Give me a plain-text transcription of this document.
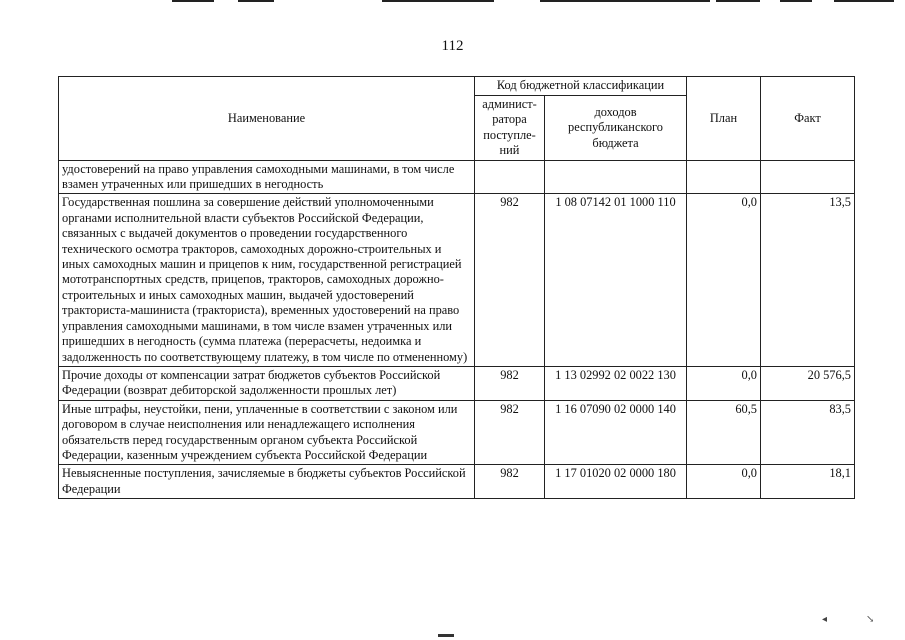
112
Наименование	Код бюджетной классификации		План	Факт
	админист-ратора поступле-ний	доходов республиканского бюджета		
удостоверений на право управления самоходными машинами, в том числе взамен утраченных или пришедших в негодность				
Государственная пошлина за совершение действий уполномоченными органами исполнительной власти субъектов Российской Федерации, связанных с выдачей документов о проведении государственного технического осмотра тракторов, самоходных дорожно-строительных и иных самоходных машин и прицепов к ним, государственной регистрацией мототранспортных средств, прицепов, тракторов, самоходных дорожно-строительных и иных самоходных машин, выдачей удостоверений тракториста-машиниста (тракториста), временных удостоверений на право управления самоходными машинами, в том числе взамен утраченных или пришедших в негодность (сумма платежа (перерасчеты, недоимка и задолженность по соответствующему платежу, в том числе по отмененному)	982	1 08 07142 01 1000 110	0,0	13,5
Прочие доходы от компенсации затрат бюджетов субъектов Российской Федерации (возврат дебиторской задолженности прошлых лет)	982	1 13 02992 02 0022 130	0,0	20 576,5
Иные штрафы, неустойки, пени, уплаченные в соответствии с законом или договором в случае неисполнения или ненадлежащего исполнения обязательств перед государственным органом субъекта Российской Федерации, казенным учреждением субъекта Российской Федерации	982	1 16 07090 02 0000 140	60,5	83,5
Невыясненные поступления, зачисляемые в бюджеты субъектов Российской Федерации	982	1 17 01020 02 0000 180	0,0	18,1
◂	↘
